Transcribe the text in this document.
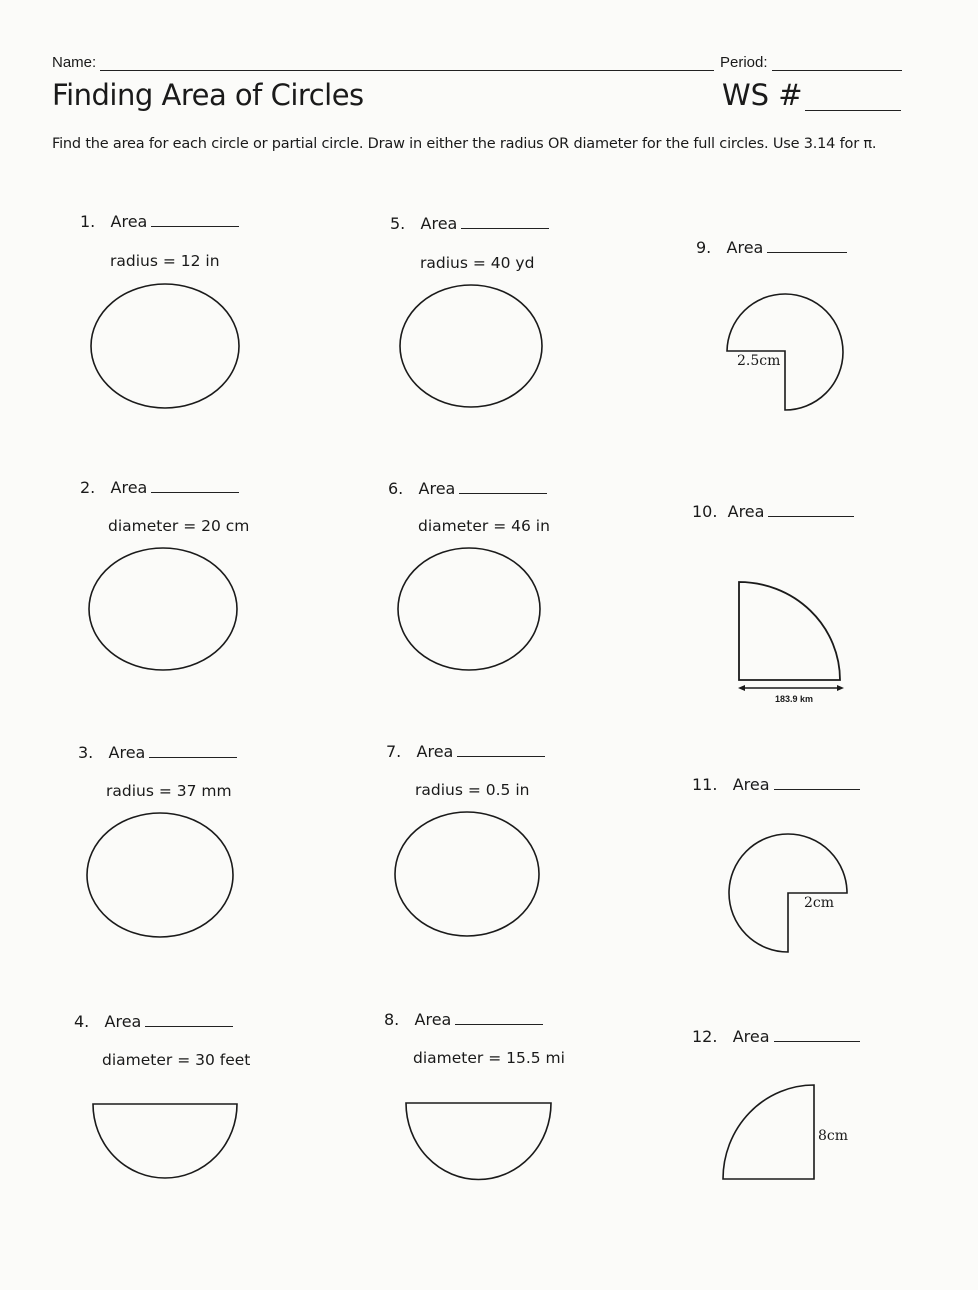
Name:	Period:
Finding Area of Circles	WS #
Find the area for each circle or partial circle. Draw in either the radius OR diameter for the full circles. Use 3.14 for π.
1. Area
radius = 12 in
2. Area
diameter = 20 cm
3. Area
radius = 37 mm
4. Area
diameter = 30 feet
5. Area
radius = 40 yd
6. Area
diameter = 46 in
7. Area
radius = 0.5 in
8. Area
diameter = 15.5 mi
9. Area
2.5cm
10. Area
183.9 km
11. Area
2cm
12. Area
8cm
